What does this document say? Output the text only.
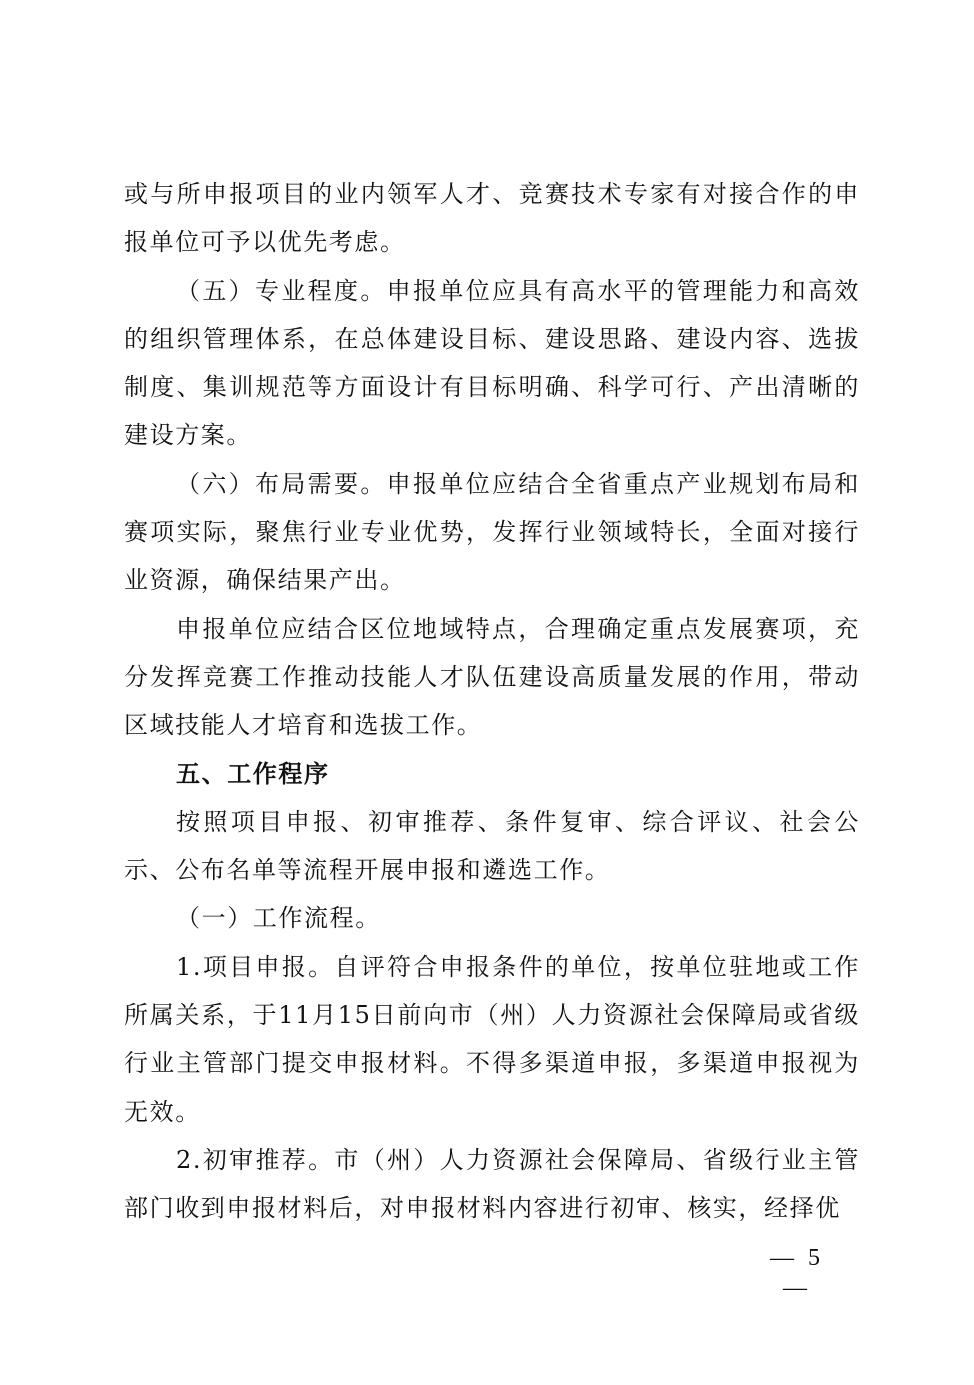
或与所申报项目的业内领军人才、竞赛技术专家有对接合作的申报单位可予以优先考虑。

（五）专业程度。申报单位应具有高水平的管理能力和高效的组织管理体系，在总体建设目标、建设思路、建设内容、选拔制度、集训规范等方面设计有目标明确、科学可行、产出清晰的建设方案。

（六）布局需要。申报单位应结合全省重点产业规划布局和赛项实际，聚焦行业专业优势，发挥行业领域特长，全面对接行业资源，确保结果产出。

申报单位应结合区位地域特点，合理确定重点发展赛项，充分发挥竞赛工作推动技能人才队伍建设高质量发展的作用，带动区域技能人才培育和选拔工作。

五、工作程序

按照项目申报、初审推荐、条件复审、综合评议、社会公示、公布名单等流程开展申报和遴选工作。

（一）工作流程。

1.项目申报。自评符合申报条件的单位，按单位驻地或工作所属关系，于11月15日前向市（州）人力资源社会保障局或省级行业主管部门提交申报材料。不得多渠道申报，多渠道申报视为无效。

2.初审推荐。市（州）人力资源社会保障局、省级行业主管部门收到申报材料后，对申报材料内容进行初审、核实，经择优

— 5 —
